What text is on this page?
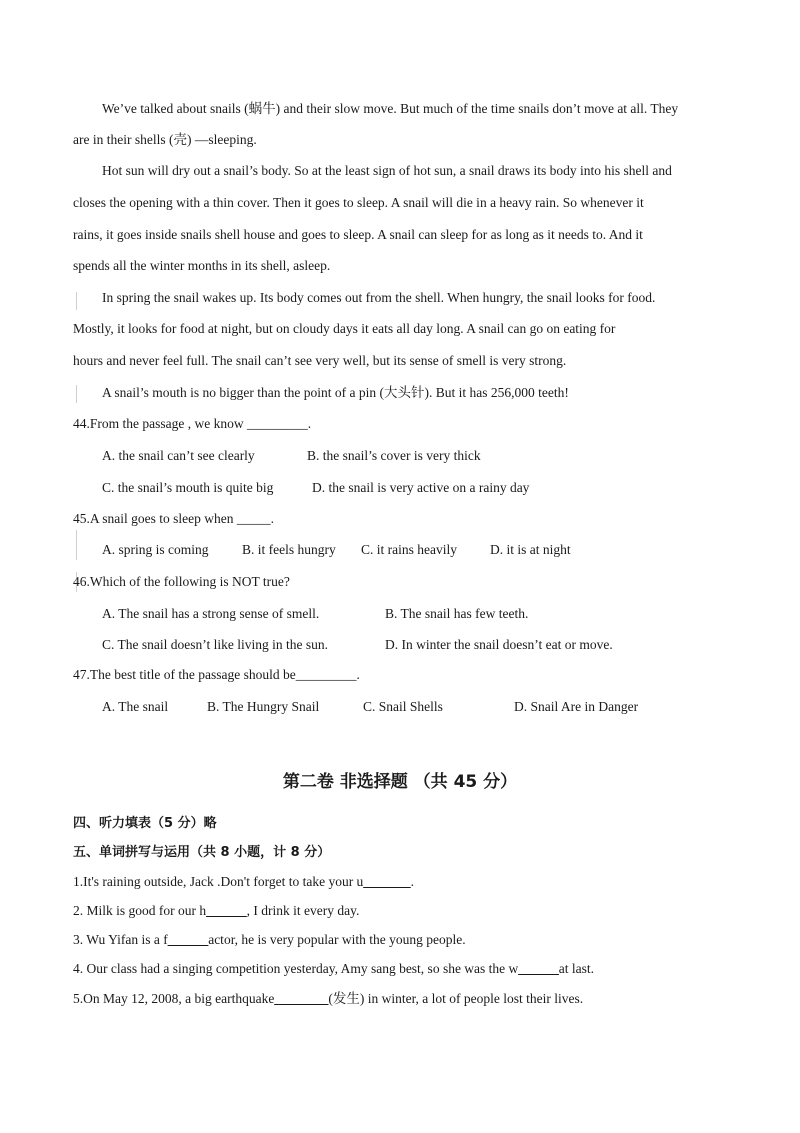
We’ve talked about snails (蜗牛) and their slow move. But much of the time snails don’t move at all. They
are in their shells (壳) —sleeping.
Hot sun will dry out a snail’s body. So at the least sign of hot sun, a snail draws its body into his shell and
closes the opening with a thin cover. Then it goes to sleep. A snail will die in a heavy rain. So whenever it
rains, it goes inside snails shell house and goes to sleep. A snail can sleep for as long as it needs to. And it
spends all the winter months in its shell, asleep.
In spring the snail wakes up. Its body comes out from the shell. When hungry, the snail looks for food.
Mostly, it looks for food at night, but on cloudy days it eats all day long. A snail can go on eating for
hours and never feel full. The snail can’t see very well, but its sense of smell is very strong.
A snail’s mouth is no bigger than the point of a pin (大头针). But it has 256,000 teeth!
44.From the passage , we know _________.
A. the snail can’t see clearly	B. the snail’s cover is very thick
C. the snail’s mouth is quite big	D. the snail is very active on a rainy day
45.A snail goes to sleep when _____.
A. spring is coming B. it feels hungry C. it rains heavily D. it is at night
46.Which of the following is NOT true?
A. The snail has a strong sense of smell.	B. The snail has few teeth.
C. The snail doesn’t like living in the sun.	D. In winter the snail doesn’t eat or move.
47.The best title of the passage should be_________.
A. The snail	B. The Hungry Snail	C. Snail Shells	D. Snail Are in Danger
第二卷 非选择题 （共 45 分）
四、听力填表（5 分）略
五、单词拼写与运用（共 8 小题，计 8 分）
1.It's raining outside, Jack .Don't forget to take your u_______.
2. Milk is good for our h______, I drink it every day.
3. Wu Yifan is a f______actor, he is very popular with the young people.
4. Our class had a singing competition yesterday, Amy sang best, so she was the w______at last.
5.On May 12, 2008, a big earthquake________(发生) in winter, a lot of people lost their lives.
